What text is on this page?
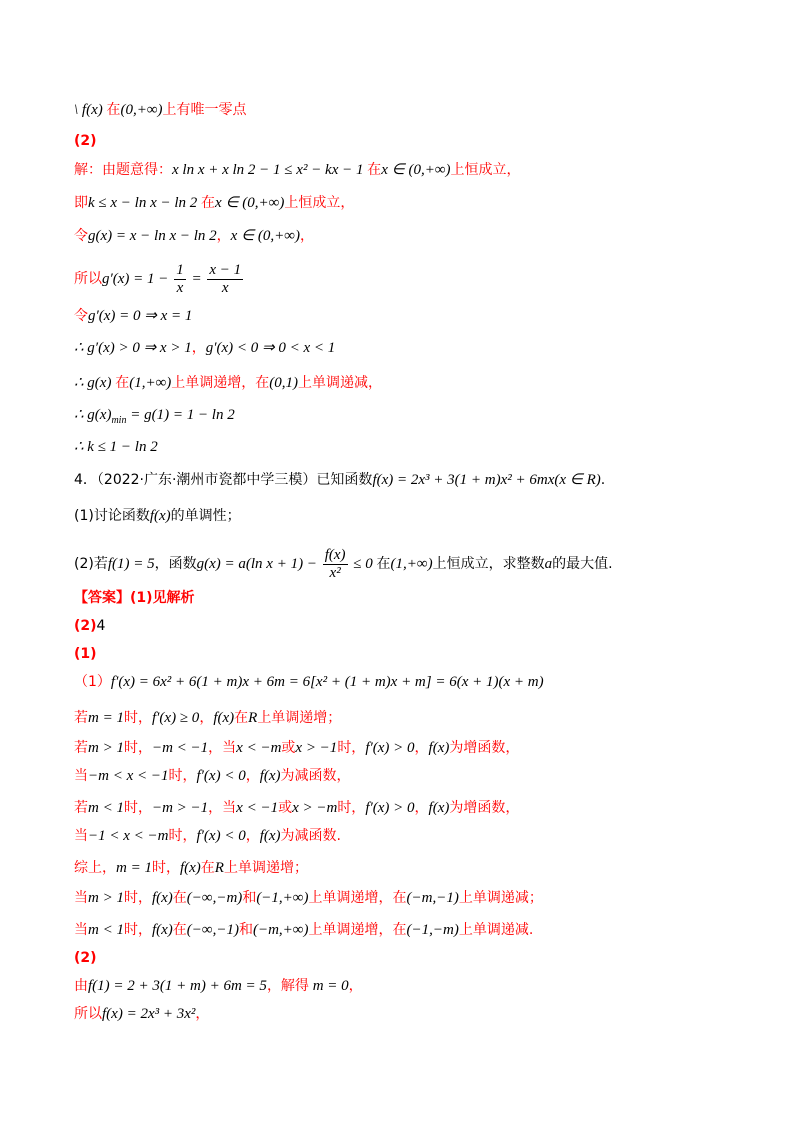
\ f(x) 在(0,+∞)上有唯一零点
(2)
解：由题意得：x ln x + x ln 2 − 1 ≤ x² − kx − 1 在x ∈ (0,+∞)上恒成立，
即k ≤ x − ln x − ln 2 在x ∈ (0,+∞)上恒成立，
令g(x) = x − ln x − ln 2，x ∈ (0,+∞)，
所以$g'(x) = 1 - \frac{1}{x} = \frac{x - 1}{x}$
令g′(x) = 0 ⇒ x = 1
∴ g′(x) > 0 ⇒ x > 1，g′(x) < 0 ⇒ 0 < x < 1
∴ g(x) 在(1,+∞)上单调递增，在(0,1)上单调递减，
∴ $g(x)_{min} = g(1) = 1 - \ln 2$
∴ k ≤ 1 − ln 2
4．（2022·广东·潮州市瓷都中学三模）已知函数f(x) = 2x³ + 3(1 + m)x² + 6mx(x ∈ R).
(1)讨论函数f(x)的单调性；
(2)若f(1) = 5，函数g(x) = a(ln $x + 1) - \frac{f(x)}{\text{x²}} \le 0$ 在(1,+∞)上恒成立，求整数a的最大值.
【答案】(1)见解析
(2)4
(1)
（1）f′(x) = 6x² + 6(1 + m)x + 6m = 6[x² + (1 + m)x + m] = 6(x + 1)(x + m)
若m = 1时，f′(x) ≥ 0，f(x)在R上单调递增；
若m > 1时，−m < −1，当x < −m或x > −1时，f′(x) > 0，f(x)为增函数，
当−m < x < −1时，f′(x) < 0，f(x)为减函数，
若m < 1时，−m > −1，当x < −1或x > −m时，f′(x) > 0，f(x)为增函数，
当−1 < x < −m时，f′(x) < 0，f(x)为减函数.
综上，m = 1时，f(x)在R上单调递增；
当m > 1时，f(x)在(−∞,−m)和(−1,+∞)上单调递增，在(−m,−1)上单调递减；
当m < 1时，f(x)在(−∞,−1)和(−m,+∞)上单调递增，在(−1,−m)上单调递减.
(2)
由f(1) = 2 + 3(1 + m) + 6m = 5，解得 m = 0，
所以f(x) = 2x³ + 3x²，
